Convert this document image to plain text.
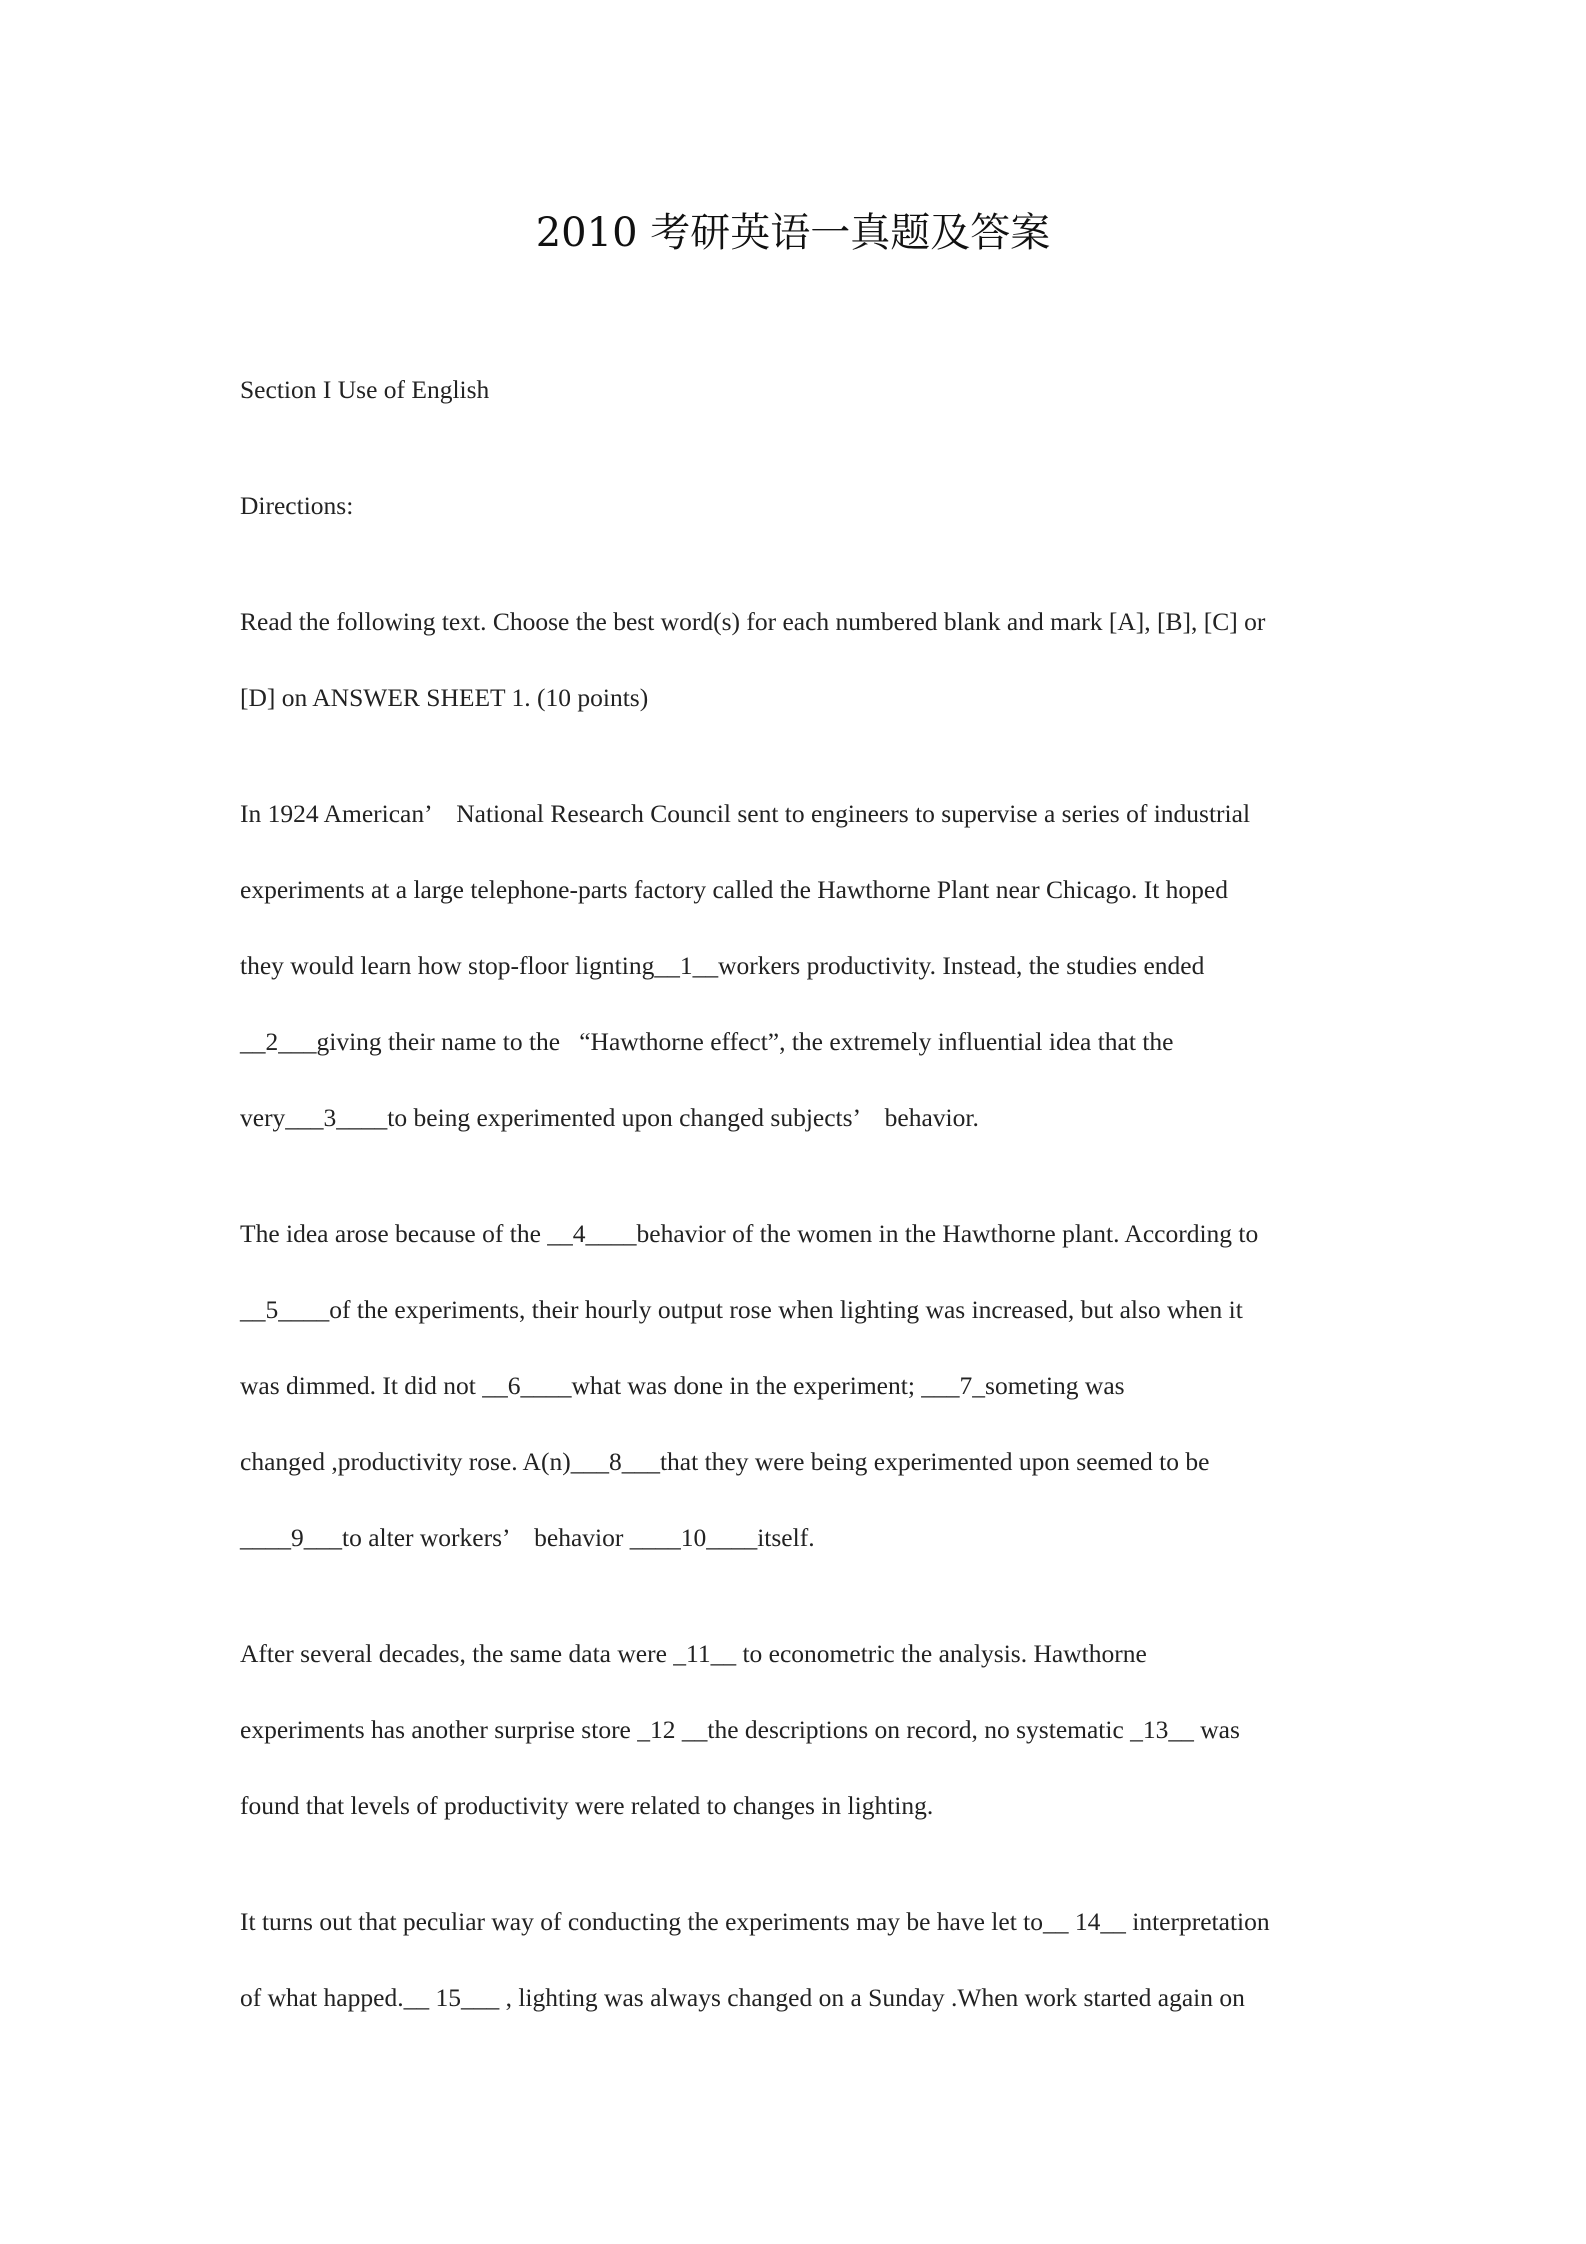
2010 考研英语一真题及答案
Section I Use of English
Directions:
Read the following text. Choose the best word(s) for each numbered blank and mark [A], [B], [C] or
[D] on ANSWER SHEET 1. (10 points)
In 1924 American’    National Research Council sent to engineers to supervise a series of industrial
experiments at a large telephone-parts factory called the Hawthorne Plant near Chicago. It hoped
they would learn how stop-floor lignting__1__workers productivity. Instead, the studies ended
__2___giving their name to the   “Hawthorne effect”, the extremely influential idea that the
very___3____to being experimented upon changed subjects’    behavior.
The idea arose because of the __4____behavior of the women in the Hawthorne plant. According to
__5____of the experiments, their hourly output rose when lighting was increased, but also when it
was dimmed. It did not __6____what was done in the experiment; ___7_someting was
changed ,productivity rose. A(n)___8___that they were being experimented upon seemed to be
____9___to alter workers’    behavior ____10____itself.
After several decades, the same data were _11__ to econometric the analysis. Hawthorne
experiments has another surprise store _12 __the descriptions on record, no systematic _13__ was
found that levels of productivity were related to changes in lighting.
It turns out that peculiar way of conducting the experiments may be have let to__ 14__ interpretation
of what happed.__ 15___ , lighting was always changed on a Sunday .When work started again on
